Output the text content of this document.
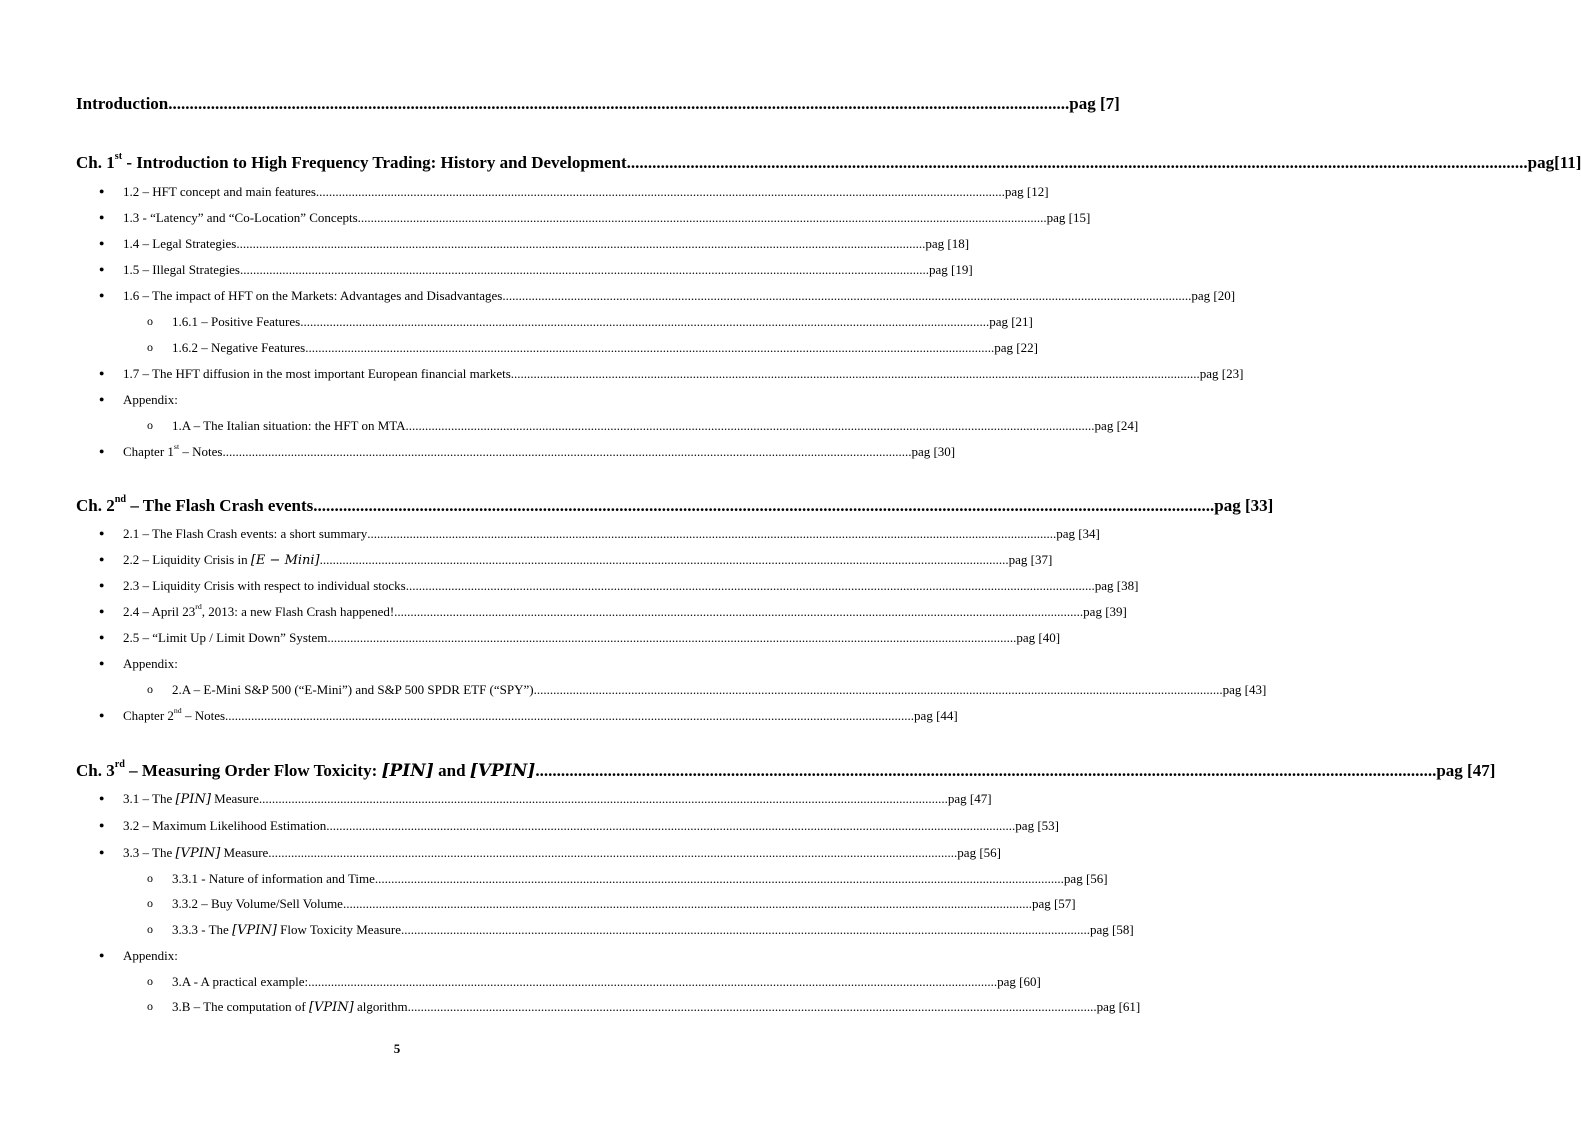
Introduction .................................................................................................................................................................................................................... pag [7]
Ch. 1st - Introduction to High Frequency Trading: History and Development .................................................................................................................................................................................................................... pag[11]
● 1.2 – HFT concept and main features .................................................................................................................................................................................................................... pag [12]
● 1.3 - “Latency” and “Co-Location” Concepts .................................................................................................................................................................................................................... pag [15]
● 1.4 – Legal Strategies .................................................................................................................................................................................................................... pag [18]
● 1.5 – Illegal Strategies .................................................................................................................................................................................................................... pag [19]
● 1.6 – The impact of HFT on the Markets: Advantages and Disadvantages .................................................................................................................................................................................................................... pag [20]
o 1.6.1 – Positive Features .................................................................................................................................................................................................................... pag [21]
o 1.6.2 – Negative Features .................................................................................................................................................................................................................... pag [22]
● 1.7 – The HFT diffusion in the most important European financial markets .................................................................................................................................................................................................................... pag [23]
● Appendix:
o 1.A – The Italian situation: the HFT on MTA .................................................................................................................................................................................................................... pag [24]
● Chapter 1st – Notes .................................................................................................................................................................................................................... pag [30]
Ch. 2nd – The Flash Crash events .................................................................................................................................................................................................................... pag [33]
● 2.1 – The Flash Crash events: a short summary .................................................................................................................................................................................................................... pag [34]
● 2.2 – Liquidity Crisis in [E − Mini] .................................................................................................................................................................................................................... pag [37]
● 2.3 – Liquidity Crisis with respect to individual stocks .................................................................................................................................................................................................................... pag [38]
● 2.4 – April 23rd, 2013: a new Flash Crash happened! .................................................................................................................................................................................................................... pag [39]
● 2.5 – “Limit Up / Limit Down” System .................................................................................................................................................................................................................... pag [40]
● Appendix:
o 2.A – E-Mini S&P 500 (“E-Mini”) and S&P 500 SPDR ETF (“SPY”) .................................................................................................................................................................................................................... pag [43]
● Chapter 2nd – Notes .................................................................................................................................................................................................................... pag [44]
Ch. 3rd – Measuring Order Flow Toxicity: [PIN] and [VPIN] .................................................................................................................................................................................................................... pag [47]
● 3.1 – The [PIN] Measure .................................................................................................................................................................................................................... pag [47]
● 3.2 – Maximum Likelihood Estimation .................................................................................................................................................................................................................... pag [53]
● 3.3 – The [VPIN] Measure .................................................................................................................................................................................................................... pag [56]
o 3.3.1 - Nature of information and Time .................................................................................................................................................................................................................... pag [56]
o 3.3.2 – Buy Volume/Sell Volume .................................................................................................................................................................................................................... pag [57]
o 3.3.3 - The [VPIN] Flow Toxicity Measure .................................................................................................................................................................................................................... pag [58]
● Appendix:
o 3.A - A practical example: .................................................................................................................................................................................................................... pag [60]
o 3.B – The computation of [VPIN] algorithm .................................................................................................................................................................................................................... pag [61]
5
